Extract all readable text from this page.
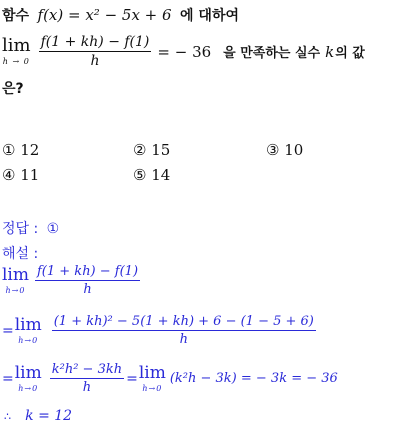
함수 f(x) = x² − 5x + 6 에 대하여
lim
$h \to 0 \frac{f(1 + kh) - f(1)}{h}$ = − 36 을 만족하는 실수 k 의 값
은?
① 12	② 15	③ 10
④ 11	⑤ 14
정답 : ①
해설 :
lim
$h\to 0 \frac{f(1 + kh) - f(1)}{h}$
= lim
$h\to 0 \frac{\text{(1 + kh)² − 5(1 + kh) + 6 − (1 − 5 + 6)}}{h}$
= lim
$h\to 0 \frac{\text{k²h² − 3kh}}{h} = \lim$
h→0
(k²h − 3k) = − 3k = − 36
∴ k = 12
